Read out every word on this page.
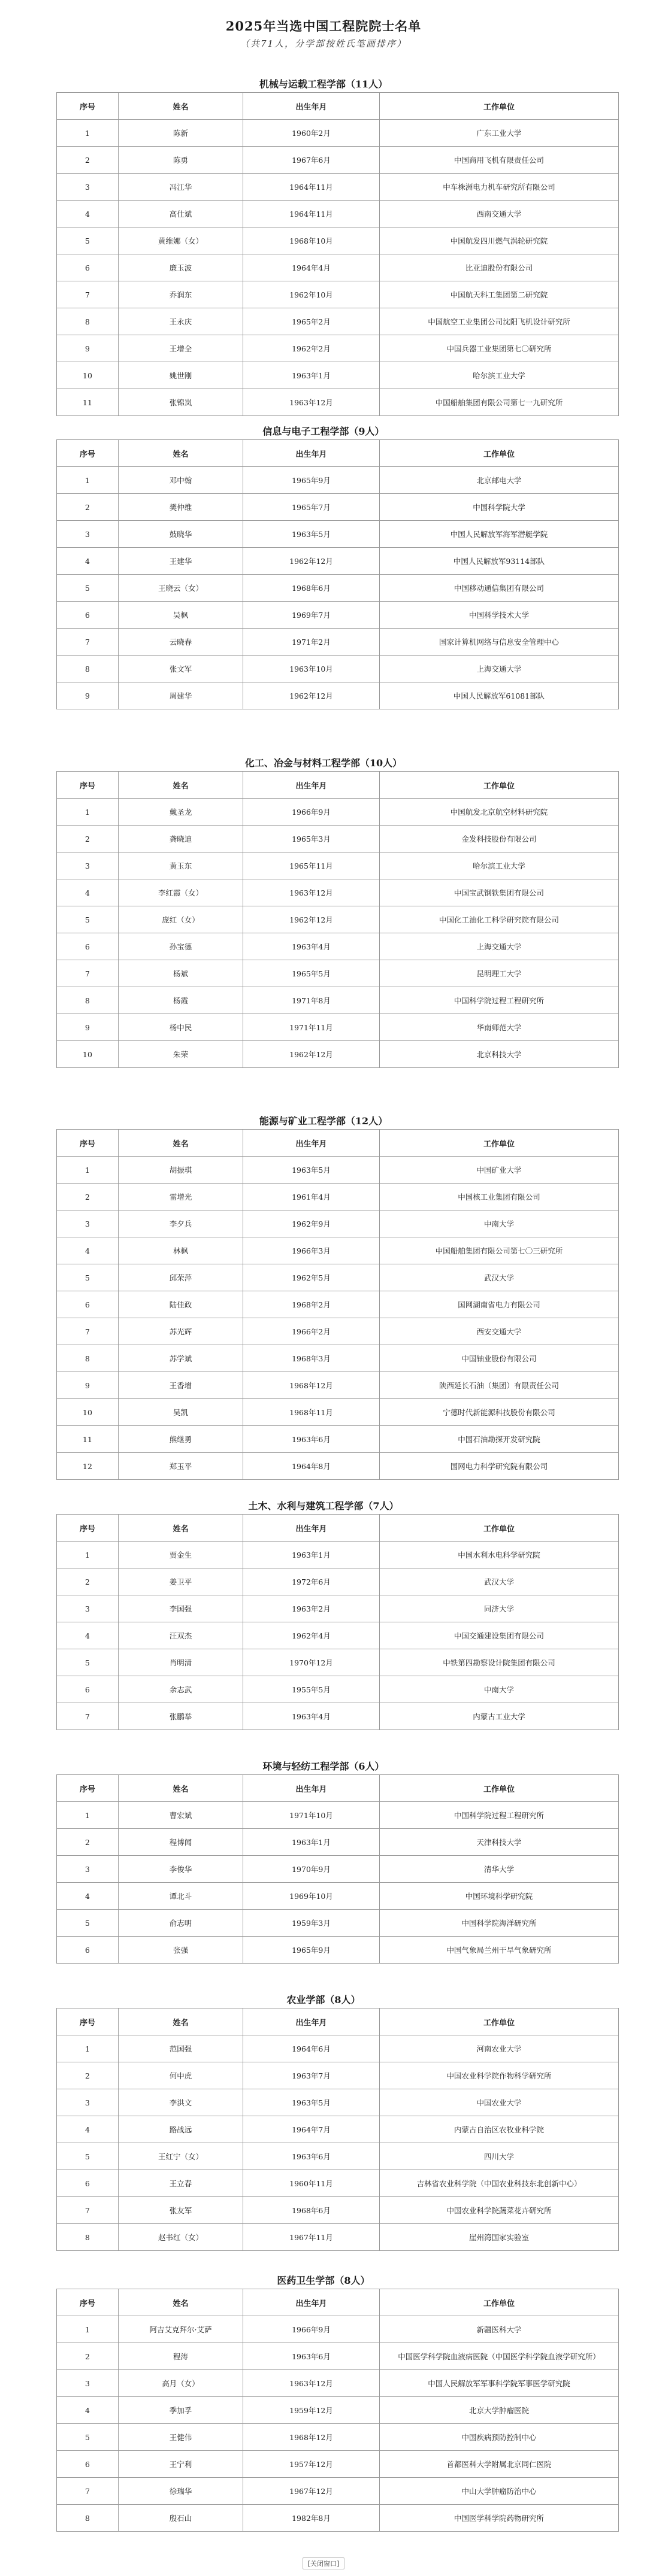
2025年当选中国工程院院士名单
（共71人，分学部按姓氏笔画排序）
机械与运载工程学部（11人）
序号	姓名	出生年月	工作单位
1	陈新	1960年2月	广东工业大学
2	陈勇	1967年6月	中国商用飞机有限责任公司
3	冯江华	1964年11月	中车株洲电力机车研究所有限公司
4	高仕斌	1964年11月	西南交通大学
5	黄维娜（女）	1968年10月	中国航发四川燃气涡轮研究院
6	廉玉波	1964年4月	比亚迪股份有限公司
7	乔润东	1962年10月	中国航天科工集团第二研究院
8	王永庆	1965年2月	中国航空工业集团公司沈阳飞机设计研究所
9	王增全	1962年2月	中国兵器工业集团第七〇研究所
10	姚世刚	1963年1月	哈尔滨工业大学
11	张锦岚	1963年12月	中国船舶集团有限公司第七一九研究所
信息与电子工程学部（9人）
序号	姓名	出生年月	工作单位
1	邓中翰	1965年9月	北京邮电大学
2	樊仲维	1965年7月	中国科学院大学
3	鼓晓华	1963年5月	中国人民解放军海军潜艇学院
4	王建华	1962年12月	中国人民解放军93114部队
5	王晓云（女）	1968年6月	中国移动通信集团有限公司
6	吴枫	1969年7月	中国科学技术大学
7	云晓春	1971年2月	国家计算机网络与信息安全管理中心
8	张文军	1963年10月	上海交通大学
9	周建华	1962年12月	中国人民解放军61081部队
化工、冶金与材料工程学部（10人）
序号	姓名	出生年月	工作单位
1	戴圣龙	1966年9月	中国航发北京航空材料研究院
2	龚晓迪	1965年3月	金发科技股份有限公司
3	黄玉东	1965年11月	哈尔滨工业大学
4	李红霞（女）	1963年12月	中国宝武钢铁集团有限公司
5	庞红（女）	1962年12月	中国化工油化工科学研究院有限公司
6	孙宝德	1963年4月	上海交通大学
7	杨斌	1965年5月	昆明理工大学
8	杨霞	1971年8月	中国科学院过程工程研究所
9	杨中民	1971年11月	华南师范大学
10	朱荣	1962年12月	北京科技大学
能源与矿业工程学部（12人）
序号	姓名	出生年月	工作单位
1	胡振琪	1963年5月	中国矿业大学
2	雷增光	1961年4月	中国核工业集团有限公司
3	李夕兵	1962年9月	中南大学
4	林枫	1966年3月	中国船舶集团有限公司第七〇三研究所
5	邱荣萍	1962年5月	武汉大学
6	陆佳政	1968年2月	国网湖南省电力有限公司
7	苏光辉	1966年2月	西安交通大学
8	苏学斌	1968年3月	中国铀业股份有限公司
9	王香增	1968年12月	陕西延长石油（集团）有限责任公司
10	吴凯	1968年11月	宁德时代新能源科技股份有限公司
11	熊继勇	1963年6月	中国石油勘探开发研究院
12	郑玉平	1964年8月	国网电力科学研究院有限公司
土木、水利与建筑工程学部（7人）
序号	姓名	出生年月	工作单位
1	贾金生	1963年1月	中国水利水电科学研究院
2	姜卫平	1972年6月	武汉大学
3	李国强	1963年2月	同济大学
4	汪双杰	1962年4月	中国交通建设集团有限公司
5	肖明清	1970年12月	中铁第四勘察设计院集团有限公司
6	余志武	1955年5月	中南大学
7	张鹏举	1963年4月	内蒙古工业大学
环境与轻纺工程学部（6人）
序号	姓名	出生年月	工作单位
1	曹宏斌	1971年10月	中国科学院过程工程研究所
2	程博闻	1963年1月	天津科技大学
3	李俊华	1970年9月	清华大学
4	谭北斗	1969年10月	中国环境科学研究院
5	俞志明	1959年3月	中国科学院海洋研究所
6	张强	1965年9月	中国气象局兰州干旱气象研究所
农业学部（8人）
序号	姓名	出生年月	工作单位
1	范国强	1964年6月	河南农业大学
2	何中虎	1963年7月	中国农业科学院作物科学研究所
3	李洪文	1963年5月	中国农业大学
4	路战远	1964年7月	内蒙古自治区农牧业科学院
5	王红宁（女）	1963年6月	四川大学
6	王立春	1960年11月	吉林省农业科学院（中国农业科技东北创新中心）
7	张友军	1968年6月	中国农业科学院蔬菜花卉研究所
8	赵书红（女）	1967年11月	崖州湾国家实验室
医药卫生学部（8人）
序号	姓名	出生年月	工作单位
1	阿吉艾克拜尔·艾萨	1966年9月	新疆医科大学
2	程涛	1963年6月	中国医学科学院血液病医院（中国医学科学院血液学研究所）
3	高月（女）	1963年12月	中国人民解放军军事科学院军事医学研究院
4	季加孚	1959年12月	北京大学肿瘤医院
5	王健伟	1968年12月	中国疾病预防控制中心
6	王宁利	1957年12月	首都医科大学附属北京同仁医院
7	徐瑞华	1967年12月	中山大学肿瘤防治中心
8	殷石山	1982年8月	中国医学科学院药物研究所
[关闭窗口]
